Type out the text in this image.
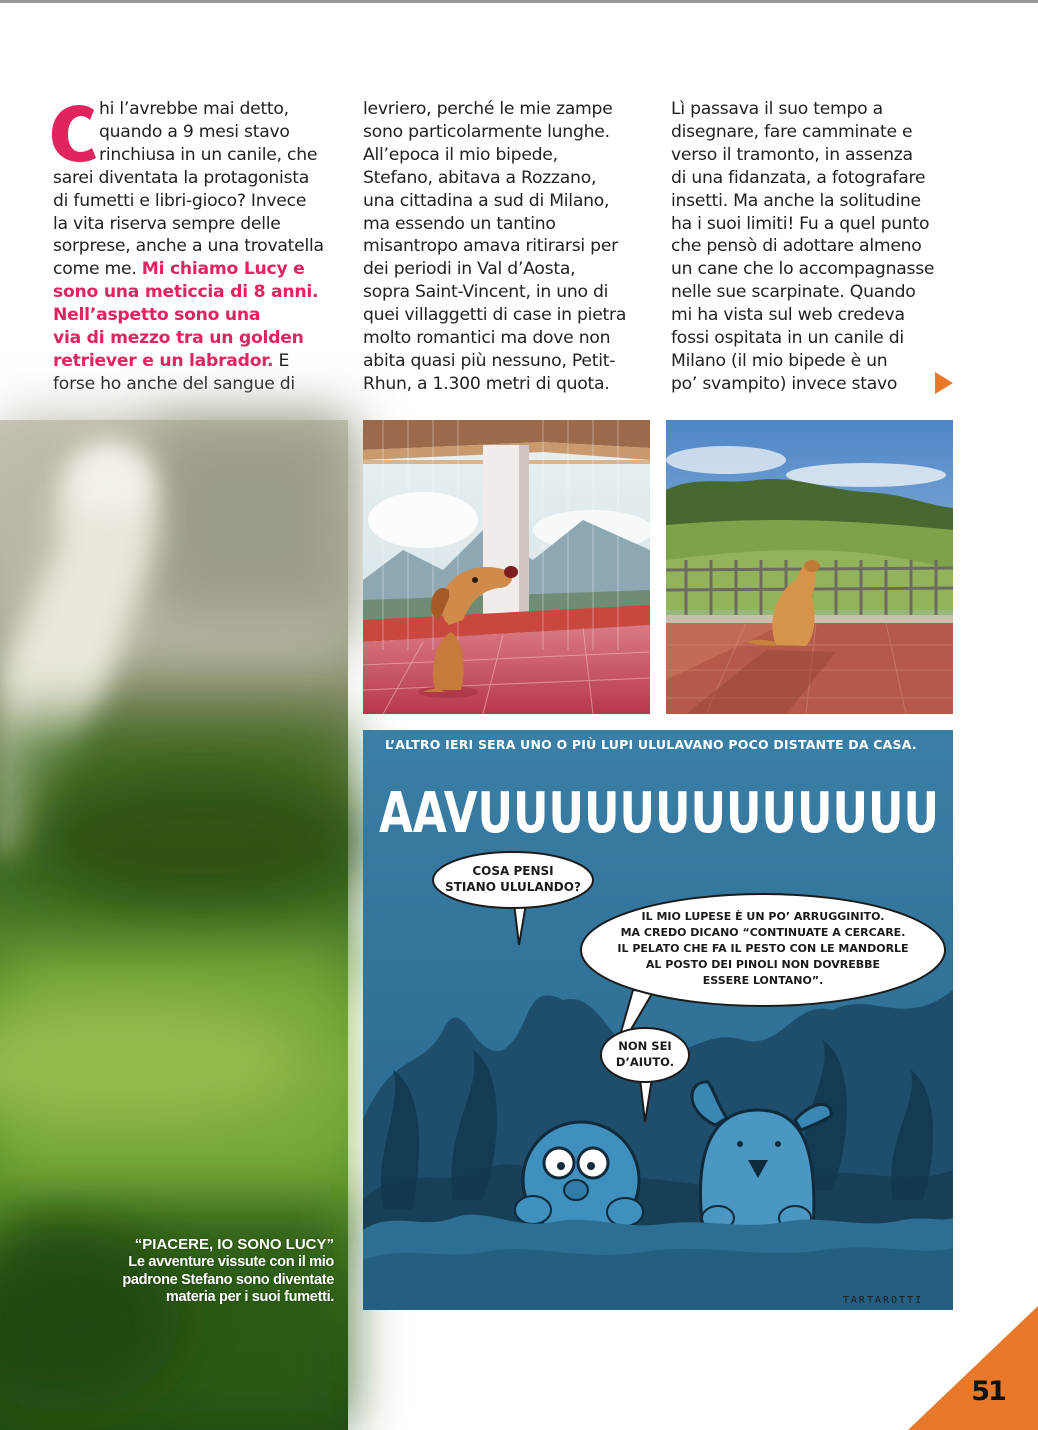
hi l’avrebbe mai detto,
quando a 9 mesi stavo
rinchiusa in un canile, che
sarei diventata la protagonista
di fumetti e libri-gioco? Invece
la vita riserva sempre delle
sorprese, anche a una trovatella
come me. Mi chiamo Lucy e
sono una meticcia di 8 anni.
Nell’aspetto sono una
via di mezzo tra un golden
retriever e un labrador. E
forse ho anche del sangue di

levriero, perché le mie zampe
sono particolarmente lunghe.
All’epoca il mio bipede,
Stefano, abitava a Rozzano,
una cittadina a sud di Milano,
ma essendo un tantino
misantropo amava ritirarsi per
dei periodi in Val d’Aosta,
sopra Saint-Vincent, in uno di
quei villaggetti di case in pietra
molto romantici ma dove non
abita quasi più nessuno, Petit-
Rhun, a 1.300 metri di quota.

Lì passava il suo tempo a
disegnare, fare camminate e
verso il tramonto, in assenza
di una fidanzata, a fotografare
insetti. Ma anche la solitudine
ha i suoi limiti! Fu a quel punto
che pensò di adottare almeno
un cane che lo accompagnasse
nelle sue scarpinate. Quando
mi ha vista sul web credeva
fossi ospitata in un canile di
Milano (il mio bipede è un
po’ svampito) invece stavo

“PIACERE, IO SONO LUCY”
Le avventure vissute con il mio
padrone Stefano sono diventate
materia per i suoi fumetti.
L’ALTRO IERI SERA UNO O PIÙ LUPI ULULAVANO POCO DISTANTE DA CASA.
AAVUUUUUUUUUUUUU
COSA PENSI
STIANO ULULANDO?
IL MIO LUPESE È UN PO’ ARRUGGINITO.
MA CREDO DICANO “CONTINUATE A CERCARE.
IL PELATO CHE FA IL PESTO CON LE MANDORLE
AL POSTO DEI PINOLI NON DOVREBBE
ESSERE LONTANO”.
NON SEI
D’AIUTO.
TARTAROTTI
51
